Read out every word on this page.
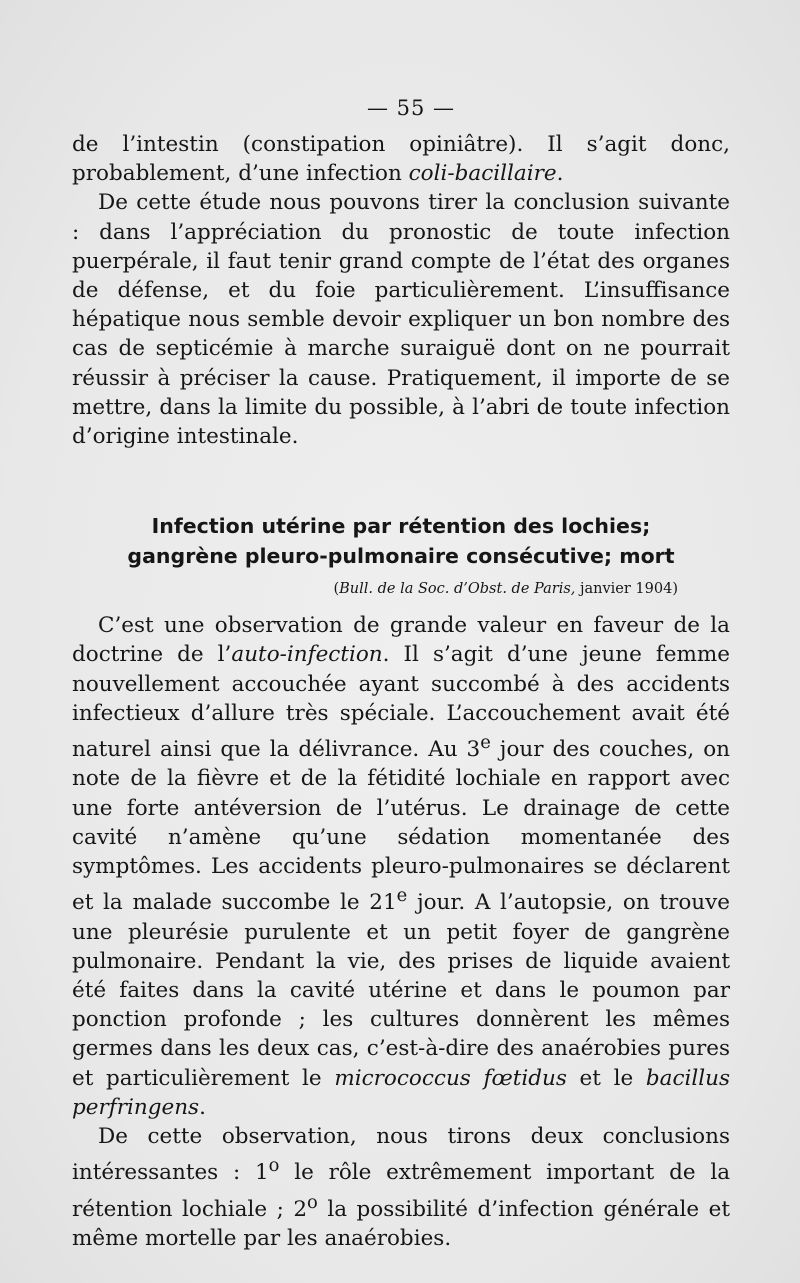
— 55 —

de l’intestin (constipation opiniâtre). Il s’agit donc, probablement, d’une infection coli-bacillaire.

De cette étude nous pouvons tirer la conclusion suivante : dans l’appréciation du pronostic de toute infection puerpérale, il faut tenir grand compte de l’état des organes de défense, et du foie particulièrement. L’insuffisance hépatique nous semble devoir expliquer un bon nombre des cas de septicémie à marche suraiguë dont on ne pourrait réussir à préciser la cause. Pratiquement, il importe de se mettre, dans la limite du possible, à l’abri de toute infection d’origine intestinale.

Infection utérine par rétention des lochies;
gangrène pleuro-pulmonaire consécutive; mort
(Bull. de la Soc. d’Obst. de Paris, janvier 1904)

C’est une observation de grande valeur en faveur de la doctrine de l’auto-infection. Il s’agit d’une jeune femme nouvellement accouchée ayant succombé à des accidents infectieux d’allure très spéciale. L’accouchement avait été naturel ainsi que la délivrance. Au 3e jour des couches, on note de la fièvre et de la fétidité lochiale en rapport avec une forte antéversion de l’utérus. Le drainage de cette cavité n’amène qu’une sédation momentanée des symptômes. Les accidents pleuro-pulmonaires se déclarent et la malade succombe le 21e jour. A l’autopsie, on trouve une pleurésie purulente et un petit foyer de gangrène pulmonaire. Pendant la vie, des prises de liquide avaient été faites dans la cavité utérine et dans le poumon par ponction profonde ; les cultures donnèrent les mêmes germes dans les deux cas, c’est-à-dire des anaérobies pures et particulièrement le micrococcus fœtidus et le bacillus perfringens.

De cette observation, nous tirons deux conclusions intéressantes : 1$^o$ le rôle extrêmement important de la rétention lochiale ; 2$^o$ la possibilité d’infection générale et même mortelle par les anaérobies.
